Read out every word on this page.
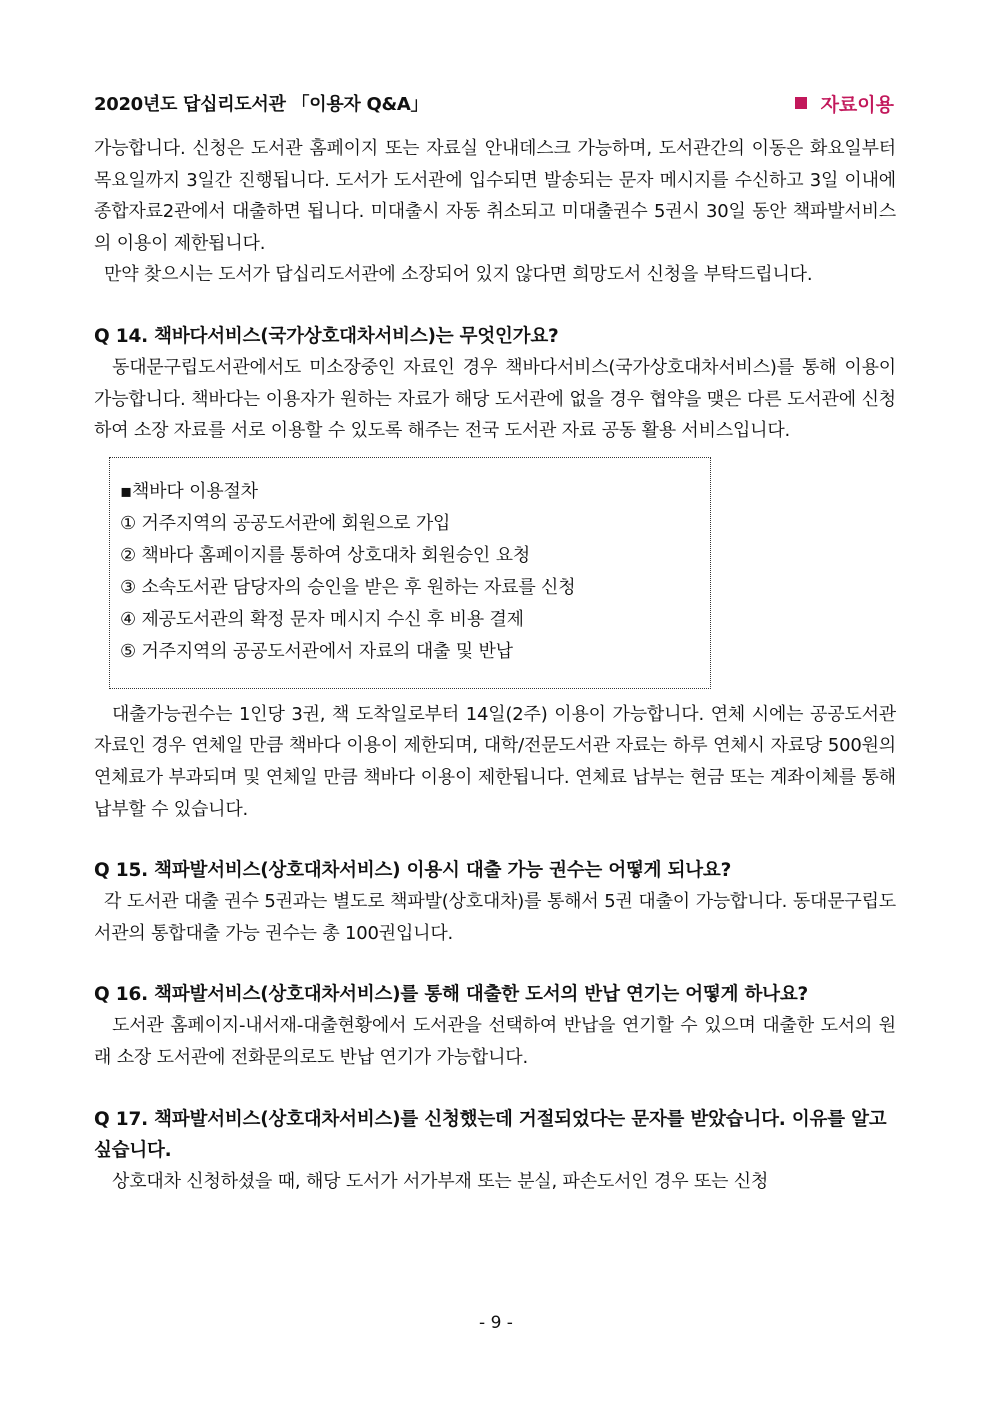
2020년도 답십리도서관 「이용자 Q&A」	자료이용

가능합니다. 신청은 도서관 홈페이지 또는 자료실 안내데스크 가능하며, 도서관간의 이동은 화요일부터 목요일까지 3일간 진행됩니다. 도서가 도서관에 입수되면 발송되는 문자 메시지를 수신하고 3일 이내에 종합자료2관에서 대출하면 됩니다. 미대출시 자동 취소되고 미대출권수 5권시 30일 동안 책파발서비스의 이용이 제한됩니다.

만약 찾으시는 도서가 답십리도서관에 소장되어 있지 않다면 희망도서 신청을 부탁드립니다.

Q 14. 책바다서비스(국가상호대차서비스)는 무엇인가요?

동대문구립도서관에서도 미소장중인 자료인 경우 책바다서비스(국가상호대차서비스)를 통해 이용이 가능합니다. 책바다는 이용자가 원하는 자료가 해당 도서관에 없을 경우 협약을 맺은 다른 도서관에 신청하여 소장 자료를 서로 이용할 수 있도록 해주는 전국 도서관 자료 공동 활용 서비스입니다.

▪책바다 이용절차

① 거주지역의 공공도서관에 회원으로 가입

② 책바다 홈페이지를 통하여 상호대차 회원승인 요청

③ 소속도서관 담당자의 승인을 받은 후 원하는 자료를 신청

④ 제공도서관의 확정 문자 메시지 수신 후 비용 결제

⑤ 거주지역의 공공도서관에서 자료의 대출 및 반납

대출가능권수는 1인당 3권, 책 도착일로부터 14일(2주) 이용이 가능합니다. 연체 시에는 공공도서관 자료인 경우 연체일 만큼 책바다 이용이 제한되며, 대학/전문도서관 자료는 하루 연체시 자료당 500원의 연체료가 부과되며 및 연체일 만큼 책바다 이용이 제한됩니다. 연체료 납부는 현금 또는 계좌이체를 통해 납부할 수 있습니다.

Q 15. 책파발서비스(상호대차서비스) 이용시 대출 가능 권수는 어떻게 되나요?

각 도서관 대출 권수 5권과는 별도로 책파발(상호대차)를 통해서 5권 대출이 가능합니다. 동대문구립도서관의 통합대출 가능 권수는 총 100권입니다.

Q 16. 책파발서비스(상호대차서비스)를 통해 대출한 도서의 반납 연기는 어떻게 하나요?

도서관 홈페이지-내서재-대출현황에서 도서관을 선택하여 반납을 연기할 수 있으며 대출한 도서의 원래 소장 도서관에 전화문의로도 반납 연기가 가능합니다.

Q 17. 책파발서비스(상호대차서비스)를 신청했는데 거절되었다는 문자를 받았습니다. 이유를 알고 싶습니다.

상호대차 신청하셨을 때, 해당 도서가 서가부재 또는 분실, 파손도서인 경우 또는 신청

- 9 -
